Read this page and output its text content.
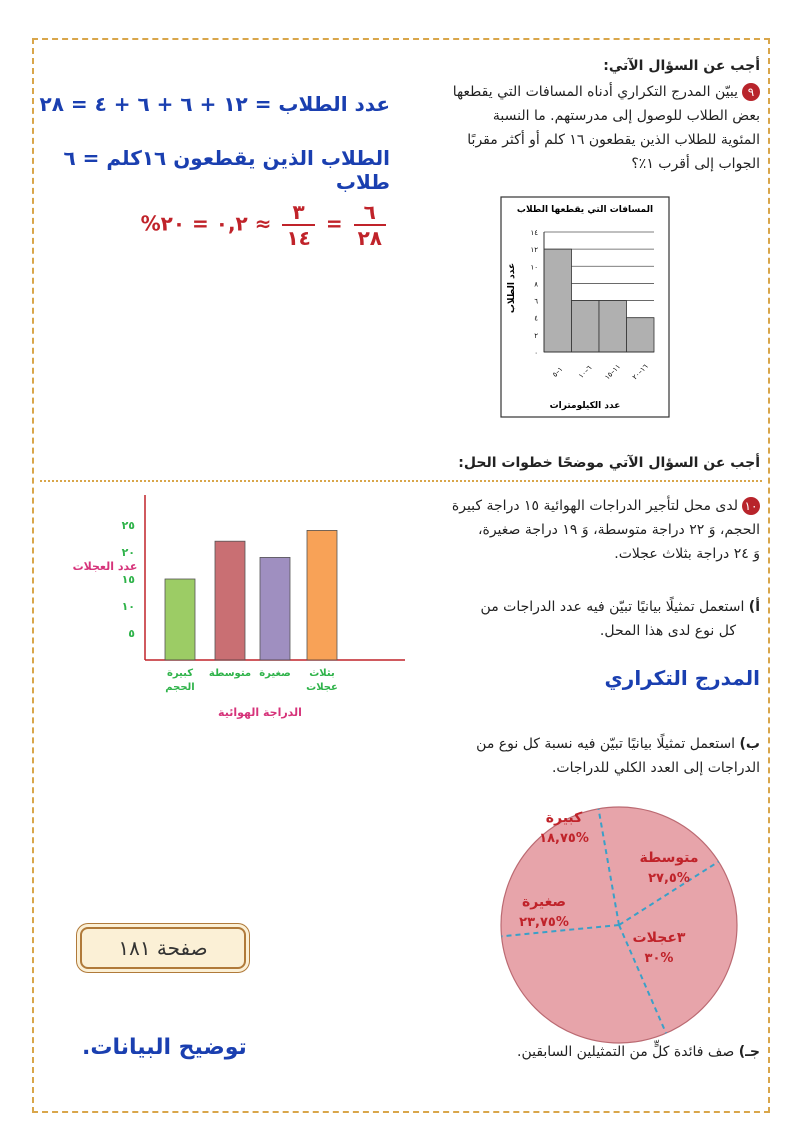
أجب عن السؤال الآتي:
٩يبيّن المدرج التكراري أدناه المسافات التي يقطعها
بعض الطلاب للوصول إلى مدرستهم. ما النسبة
المئوية للطلاب الذين يقطعون ١٦ كلم أو أكثر مقربًا
الجواب إلى أقرب ١٪؟
عدد الطلاب = ١٢ + ٦ + ٦ + ٤ = ٢٨
الطلاب الذين يقطعون ١٦كلم = ٦ طلاب
$\frac{٦}{٢٨}$
=
$\frac{٣}{١٤}$
≈ ٠,٢ = ٢٠%
المسافات التي يقطعها الطلاب
٠
٢
٤
٦
٨
١٠
١٢
١٤
١–٥ ٦–١٠
١١–١٥
١٦–٢٠
عدد الكيلومترات
عدد الطلاب
أجب عن السؤال الآتي موضحًا خطوات الحل:
١٠لدى محل لتأجير الدراجات الهوائية ١٥ دراجة كبيرة
الحجم، وَ ٢٢ دراجة متوسطة، وَ ١٩ دراجة صغيرة،
وَ ٢٤ دراجة بثلاث عجلات.
أ) استعمل تمثيلًا بيانيًا تبيّن فيه عدد الدراجات من
كل نوع لدى هذا المحل.
المدرج التكراري
ب) استعمل تمثيلًا بيانيًا تبيّن فيه نسبة كل نوع من
الدراجات إلى العدد الكلي للدراجات.
جـ) صف فائدة كلٍّ من التمثيلين السابقين.
٥
١٠
١٥
٢٠
٢٥
كبيرة
الحجم
متوسطة صغيرة بثلاث
عجلات
عدد العجلات
الدراجة الهوائية
كبيرة
١٨,٧٥%
متوسطة
٢٧,٥%
٣عجلات
٣٠%
صغيرة
٢٣,٧٥%
صفحة ١٨١
توضيح البيانات.
